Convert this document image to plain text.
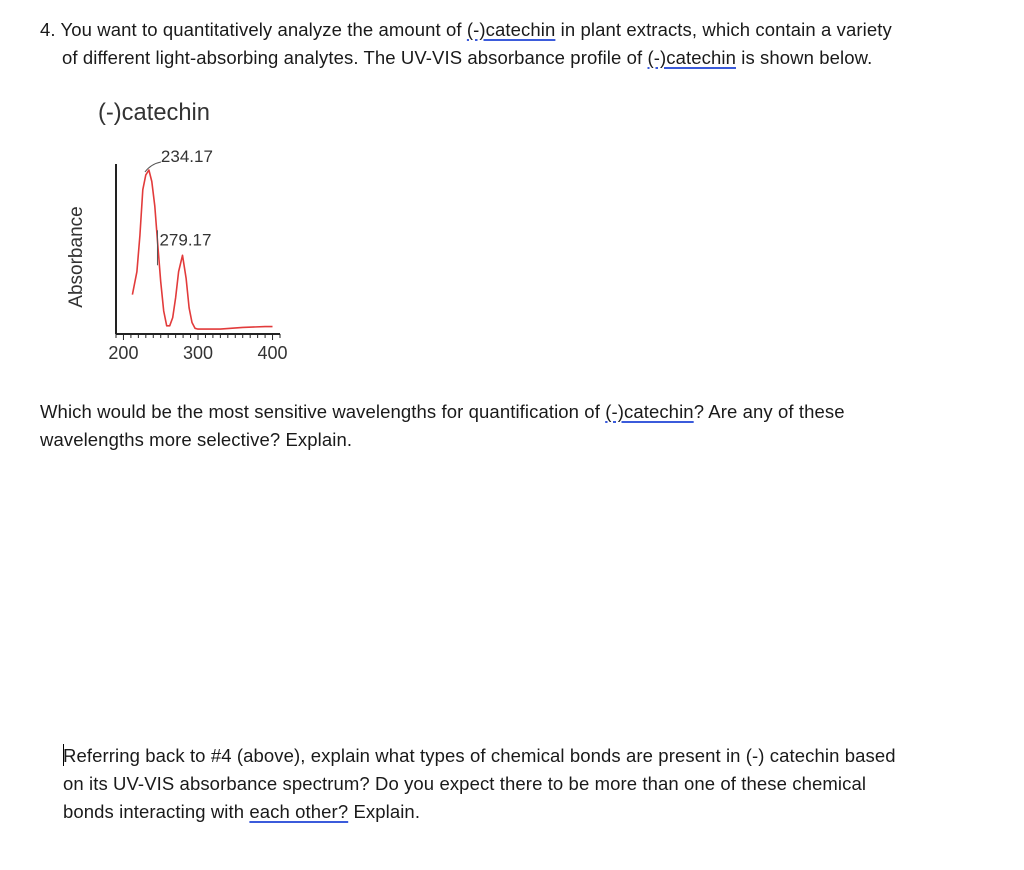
4. You want to quantitatively analyze the amount of (-)catechin in plant extracts, which contain a variety
of different light-absorbing analytes. The UV-VIS absorbance profile of (-)catechin is shown below.
(-)catechin
Absorbance
200 300 400
234.17
279.17
Which would be the most sensitive wavelengths for quantification of (-)catechin? Are any of these
wavelengths more selective? Explain.
Referring back to #4 (above), explain what types of chemical bonds are present in (-) catechin based
on its UV-VIS absorbance spectrum? Do you expect there to be more than one of these chemical
bonds interacting with each other? Explain.
